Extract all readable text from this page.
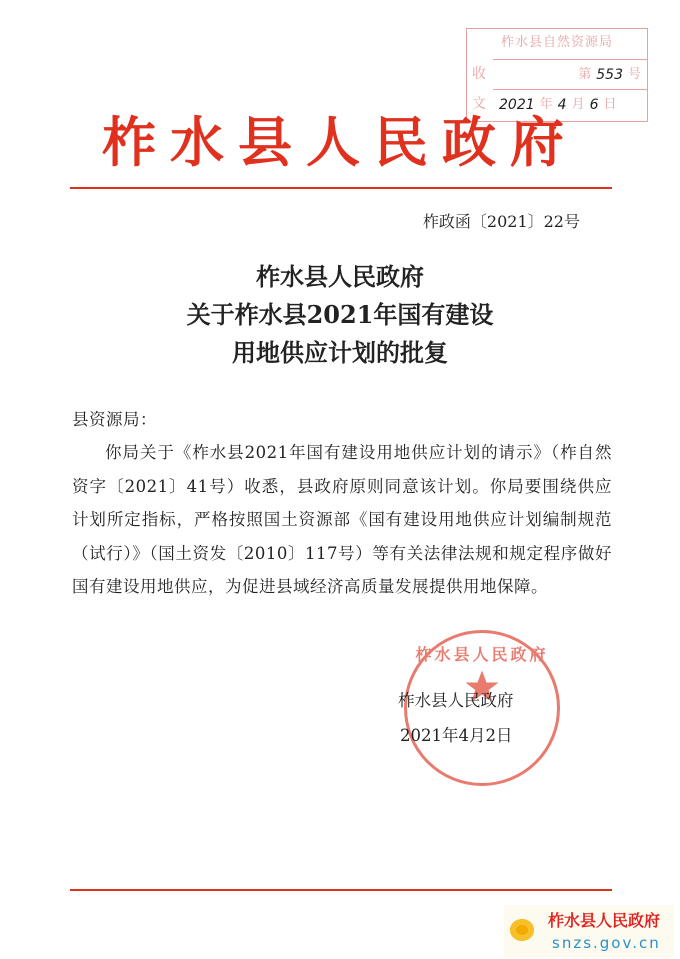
柞水县自然资源局
收
文
第 553 号
2021 年 4 月 6 日
柞水县人民政府
柞政函〔2021〕22号
柞水县人民政府
关于柞水县2021年国有建设
用地供应计划的批复
县资源局：

你局关于《柞水县2021年国有建设用地供应计划的请示》（柞自然资字〔2021〕41号）收悉，县政府原则同意该计划。你局要围绕供应计划所定指标，严格按照国土资源部《国有建设用地供应计划编制规范（试行）》（国土资发〔2010〕117号）等有关法律法规和规定程序做好国有建设用地供应，为促进县域经济高质量发展提供用地保障。

柞水县人民政府
柞水县人民政府
2021年4月2日
柞水县人民政府
snzs.gov.cn
